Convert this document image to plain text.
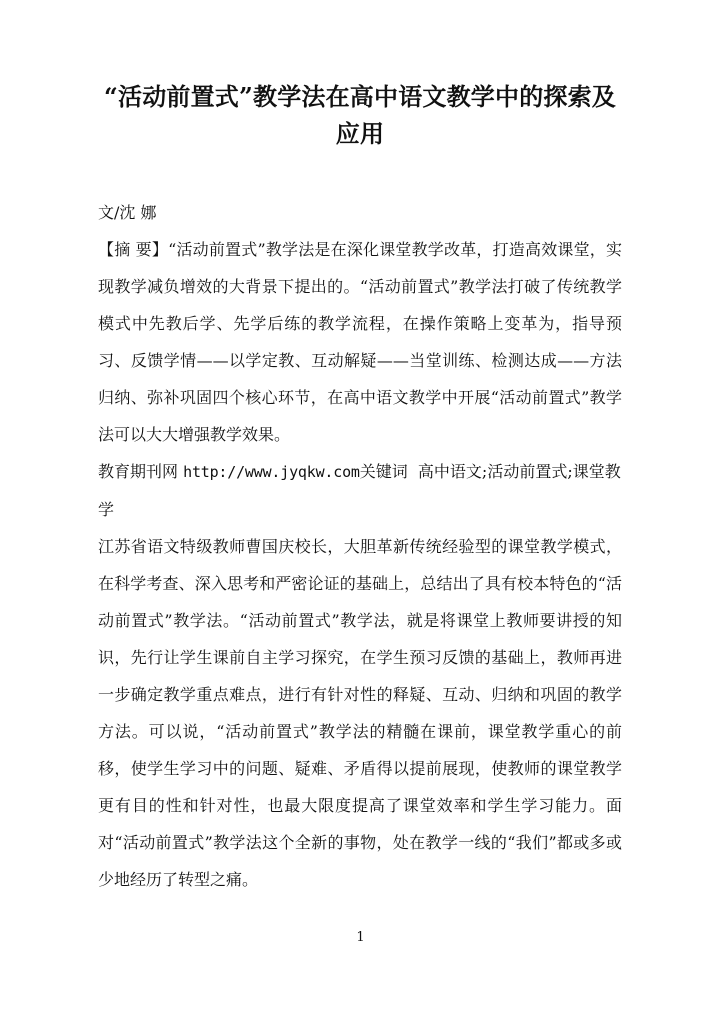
“活动前置式”教学法在高中语文教学中的探索及应用

文/沈 娜

【摘 要】“活动前置式”教学法是在深化课堂教学改革，打造高效课堂，实现教学减负增效的大背景下提出的。“活动前置式”教学法打破了传统教学模式中先教后学、先学后练的教学流程，在操作策略上变革为，指导预习、反馈学情——以学定教、互动解疑——当堂训练、检测达成——方法归纳、弥补巩固四个核心环节，在高中语文教学中开展“活动前置式”教学法可以大大增强教学效果。

教育期刊网 http://www.jyqkw.com关键词 高中语文;活动前置式;课堂教学

江苏省语文特级教师曹国庆校长，大胆革新传统经验型的课堂教学模式，在科学考查、深入思考和严密论证的基础上，总结出了具有校本特色的“活动前置式”教学法。“活动前置式”教学法，就是将课堂上教师要讲授的知识，先行让学生课前自主学习探究，在学生预习反馈的基础上，教师再进一步确定教学重点难点，进行有针对性的释疑、互动、归纳和巩固的教学方法。可以说，“活动前置式”教学法的精髓在课前，课堂教学重心的前移，使学生学习中的问题、疑难、矛盾得以提前展现，使教师的课堂教学更有目的性和针对性，也最大限度提高了课堂效率和学生学习能力。面对“活动前置式”教学法这个全新的事物，处在教学一线的“我们”都或多或少地经历了转型之痛。

1
